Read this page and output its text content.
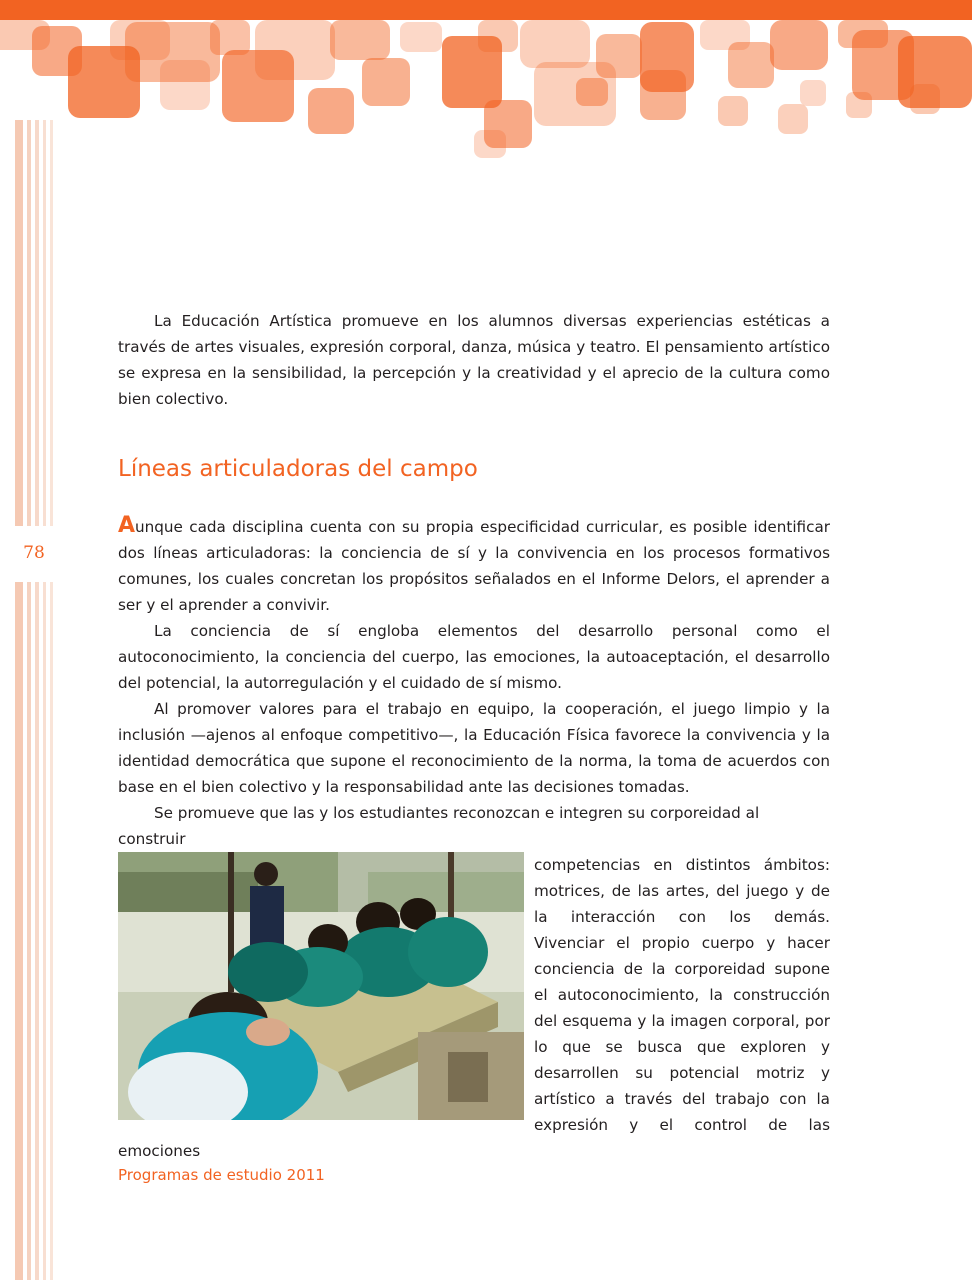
78

La Educación Artística promueve en los alumnos diversas experiencias estéticas a través de artes visuales, expresión corporal, danza, música y teatro. El pensamiento artístico se expresa en la sensibilidad, la percepción y la creatividad y el aprecio de la cultura como bien colectivo.

Líneas articuladoras del campo

Aunque cada disciplina cuenta con su propia especificidad curricular, es posible identificar dos líneas articuladoras: la conciencia de sí y la convivencia en los procesos formativos comunes, los cuales concretan los propósitos señalados en el Informe Delors, el aprender a ser y el aprender a convivir.

La conciencia de sí engloba elementos del desarrollo personal como el autoconocimiento, la conciencia del cuerpo, las emociones, la autoaceptación, el desarrollo del potencial, la autorregulación y el cuidado de sí mismo.

Al promover valores para el trabajo en equipo, la cooperación, el juego limpio y la inclusión —ajenos al enfoque competitivo—, la Educación Física favorece la convivencia y la identidad democrática que supone el reconocimiento de la norma, la toma de acuerdos con base en el bien colectivo y la responsabilidad ante las decisiones tomadas.

Se promueve que las y los estudiantes reconozcan e integren su corporeidad al construir

competencias en distintos ámbitos: motrices, de las artes, del juego y de la interacción con los demás. Vivenciar el propio cuerpo y hacer conciencia de la corporeidad supone el autoconocimiento, la construcción del esquema y la imagen corporal, por lo que se busca que exploren y desarrollen su potencial motriz y artístico a través del trabajo con la expresión y el control de las emociones

Programas de estudio 2011
